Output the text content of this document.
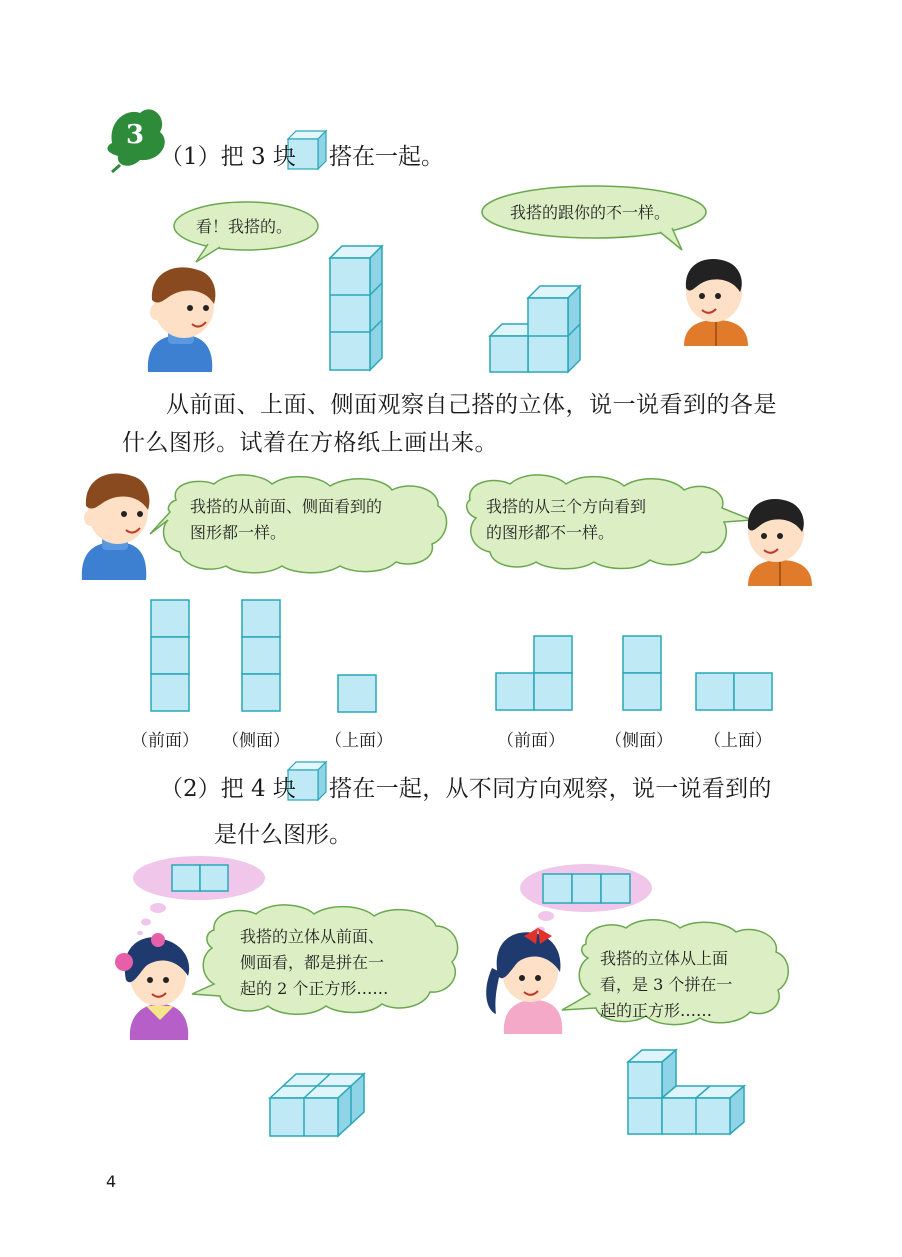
3
（1）把 3 块 搭在一起。
看！我搭的。
我搭的跟你的不一样。
从前面、上面、侧面观察自己搭的立体，说一说看到的各是
什么图形。试着在方格纸上画出来。
我搭的从前面、侧面看到的
图形都一样。
我搭的从三个方向看到
的图形都不一样。
（前面） （侧面） （上面）	（前面） （侧面） （上面）
（2）把 4 块 搭在一起，从不同方向观察，说一说看到的
是什么图形。
我搭的立体从前面、
侧面看，都是拼在一
起的 2 个正方形……
我搭的立体从上面
看，是 3 个拼在一
起的正方形……
4
